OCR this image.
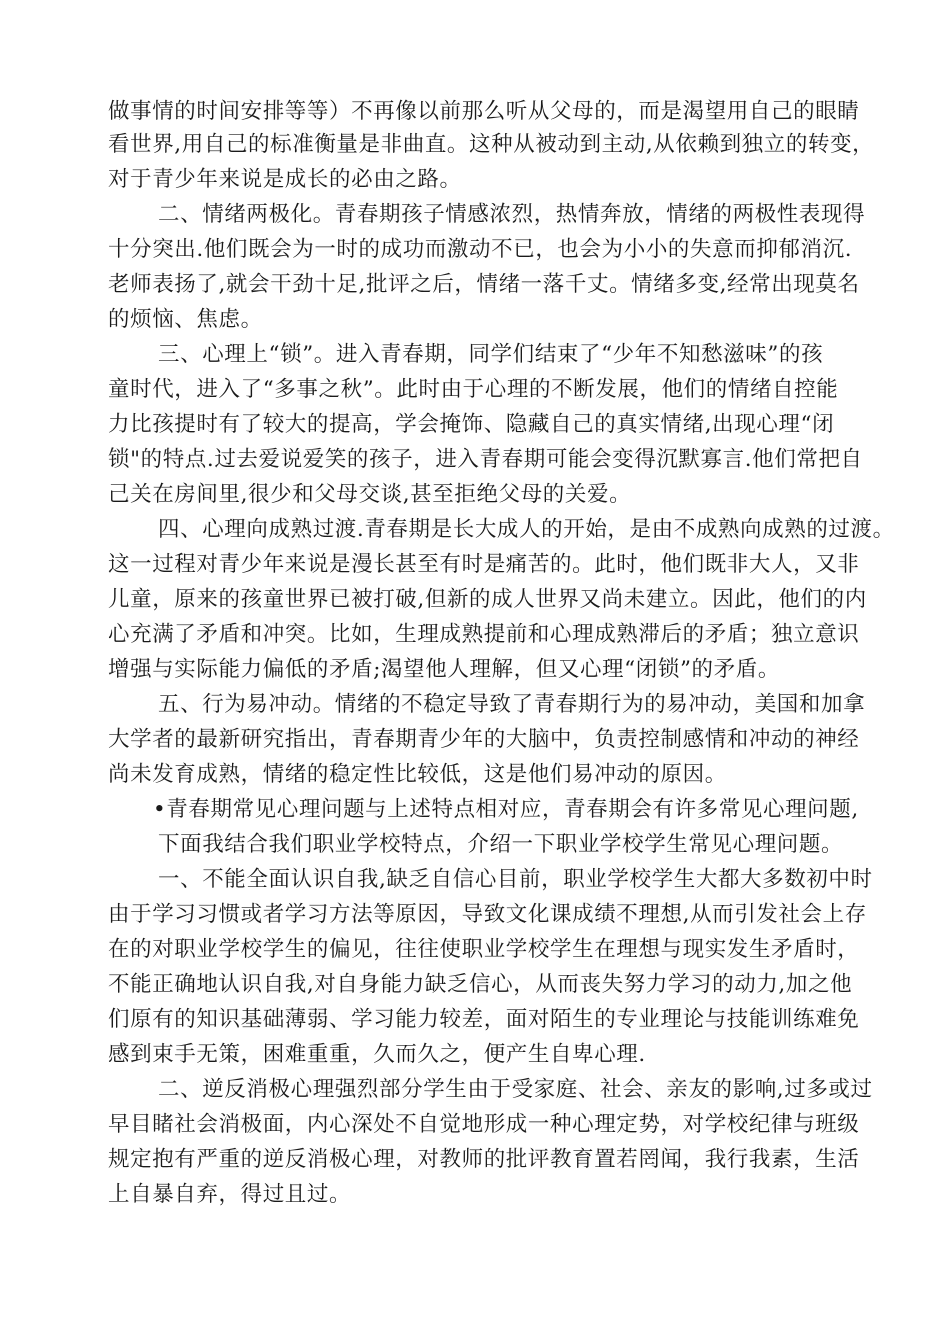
做事情的时间安排等等）不再像以前那么听从父母的，而是渴望用自己的眼睛
看世界,用自己的标准衡量是非曲直。这种从被动到主动,从依赖到独立的转变，
对于青少年来说是成长的必由之路。
二、情绪两极化。青春期孩子情感浓烈，热情奔放，情绪的两极性表现得
十分突出.他们既会为一时的成功而激动不已，也会为小小的失意而抑郁消沉.
老师表扬了,就会干劲十足,批评之后，情绪一落千丈。情绪多变,经常出现莫名
的烦恼、焦虑。
三、心理上“锁”。进入青春期，同学们结束了“少年不知愁滋味”的孩
童时代，进入了“多事之秋”。此时由于心理的不断发展，他们的情绪自控能
力比孩提时有了较大的提高，学会掩饰、隐藏自己的真实情绪,出现心理“闭
锁"的特点.过去爱说爱笑的孩子，进入青春期可能会变得沉默寡言.他们常把自
己关在房间里,很少和父母交谈,甚至拒绝父母的关爱。
四、心理向成熟过渡.青春期是长大成人的开始，是由不成熟向成熟的过渡。
这一过程对青少年来说是漫长甚至有时是痛苦的。此时，他们既非大人，又非
儿童，原来的孩童世界已被打破,但新的成人世界又尚未建立。因此，他们的内
心充满了矛盾和冲突。比如，生理成熟提前和心理成熟滞后的矛盾；独立意识
增强与实际能力偏低的矛盾;渴望他人理解，但又心理“闭锁”的矛盾。
五、行为易冲动。情绪的不稳定导致了青春期行为的易冲动，美国和加拿
大学者的最新研究指出，青春期青少年的大脑中，负责控制感情和冲动的神经
尚未发育成熟，情绪的稳定性比较低，这是他们易冲动的原因。
•青春期常见心理问题与上述特点相对应，青春期会有许多常见心理问题,
下面我结合我们职业学校特点，介绍一下职业学校学生常见心理问题。
一、不能全面认识自我,缺乏自信心目前，职业学校学生大都大多数初中时
由于学习习惯或者学习方法等原因，导致文化课成绩不理想,从而引发社会上存
在的对职业学校学生的偏见，往往使职业学校学生在理想与现实发生矛盾时，
不能正确地认识自我,对自身能力缺乏信心，从而丧失努力学习的动力,加之他
们原有的知识基础薄弱、学习能力较差，面对陌生的专业理论与技能训练难免
感到束手无策，困难重重，久而久之，便产生自卑心理.
二、逆反消极心理强烈部分学生由于受家庭、社会、亲友的影响,过多或过
早目睹社会消极面，内心深处不自觉地形成一种心理定势，对学校纪律与班级
规定抱有严重的逆反消极心理，对教师的批评教育置若罔闻，我行我素，生活
上自暴自弃，得过且过。
